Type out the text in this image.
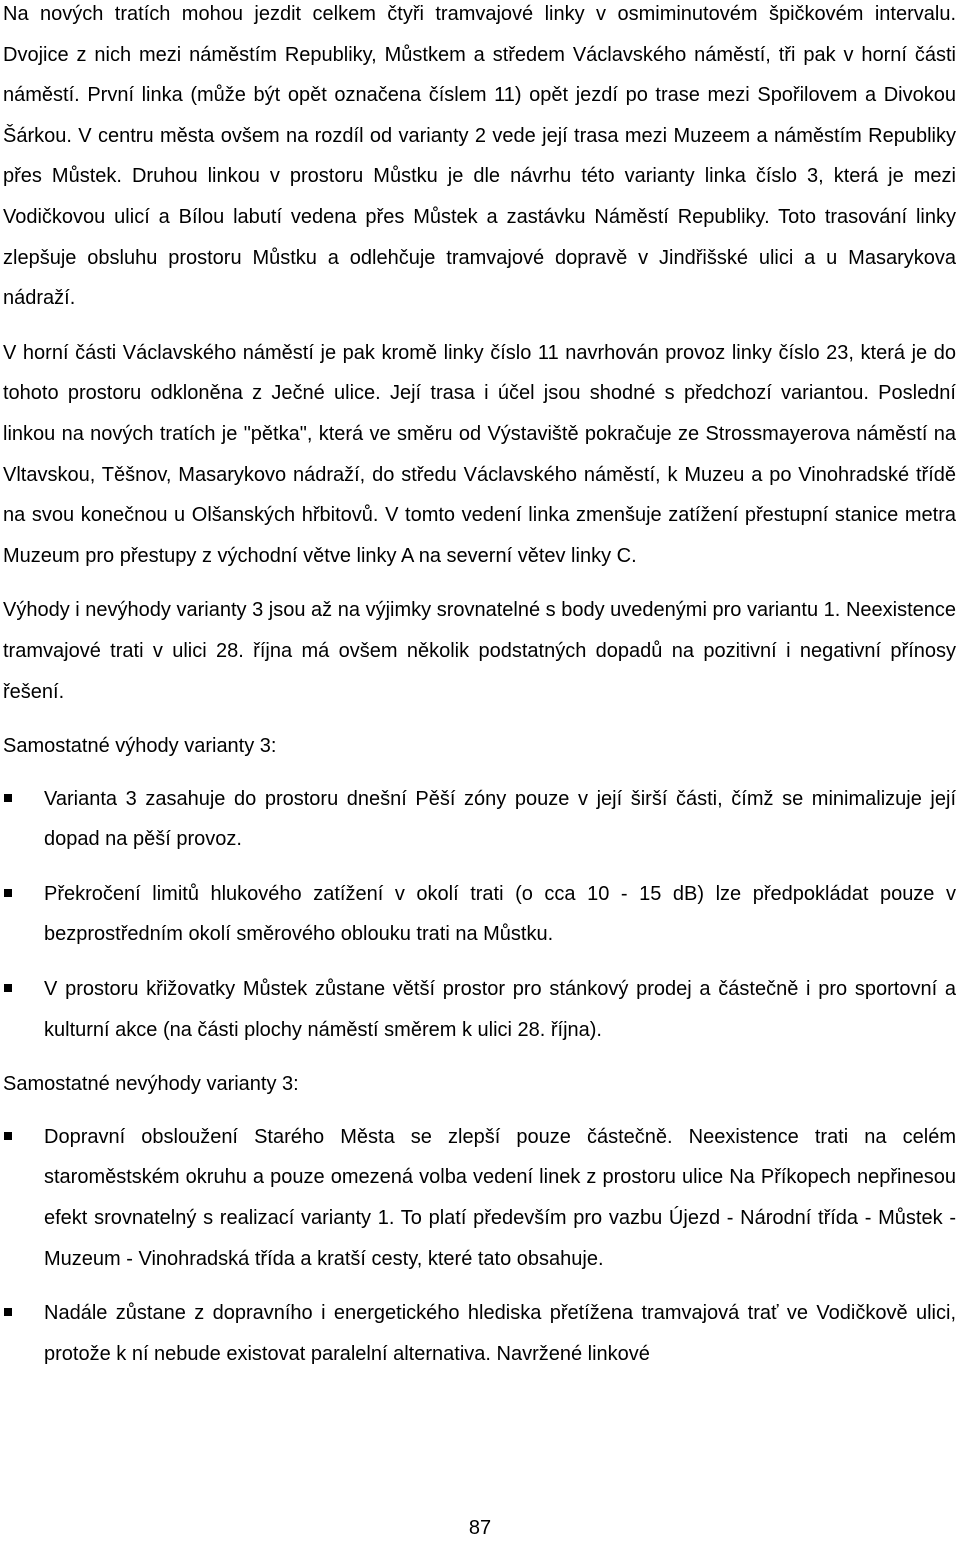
Na nových tratích mohou jezdit celkem čtyři tramvajové linky v osmiminutovém špičkovém intervalu. Dvojice z nich mezi náměstím Republiky, Můstkem a středem Václavského náměstí, tři pak v horní části náměstí. První linka (může být opět označena číslem 11) opět jezdí po trase mezi Spořilovem a Divokou Šárkou. V centru města ovšem na rozdíl od varianty 2 vede její trasa mezi Muzeem a náměstím Republiky přes Můstek. Druhou linkou v prostoru Můstku je dle návrhu této varianty linka číslo 3, která je mezi Vodičkovou ulicí a Bílou labutí vedena přes Můstek a zastávku Náměstí Republiky. Toto trasování linky zlepšuje obsluhu prostoru Můstku a odlehčuje tramvajové dopravě v Jindřišské ulici a u Masarykova nádraží.

V horní části Václavského náměstí je pak kromě linky číslo 11 navrhován provoz linky číslo 23, která je do tohoto prostoru odkloněna z Ječné ulice. Její trasa i účel jsou shodné s předchozí variantou. Poslední linkou na nových tratích je "pětka", která ve směru od Výstaviště pokračuje ze Strossmayerova náměstí na Vltavskou, Těšnov, Masarykovo nádraží, do středu Václavského náměstí, k Muzeu a po Vinohradské třídě na svou konečnou u Olšanských hřbitovů. V tomto vedení linka zmenšuje zatížení přestupní stanice metra Muzeum pro přestupy z východní větve linky A na severní větev linky C.

Výhody i nevýhody varianty 3 jsou až na výjimky srovnatelné s body uvedenými pro variantu 1. Neexistence tramvajové trati v ulici 28. října má ovšem několik podstatných dopadů na pozitivní i negativní přínosy řešení.

Samostatné výhody varianty 3:

Varianta 3 zasahuje do prostoru dnešní Pěší zóny pouze v její širší části, čímž se minimalizuje její dopad na pěší provoz.
Překročení limitů hlukového zatížení v okolí trati (o cca 10 - 15 dB) lze předpokládat pouze v bezprostředním okolí směrového oblouku trati na Můstku.
V prostoru křižovatky Můstek zůstane větší prostor pro stánkový prodej a částečně i pro sportovní a kulturní akce (na části plochy náměstí směrem k ulici 28. října).

Samostatné nevýhody varianty 3:

Dopravní obsloužení Starého Města se zlepší pouze částečně. Neexistence trati na celém staroměstském okruhu a pouze omezená volba vedení linek z prostoru ulice Na Příkopech nepřinesou efekt srovnatelný s realizací varianty 1. To platí především pro vazbu Újezd - Národní třída - Můstek - Muzeum - Vinohradská třída a kratší cesty, které tato obsahuje.
Nadále zůstane z dopravního i energetického hlediska přetížena tramvajová trať ve Vodičkově ulici, protože k ní nebude existovat paralelní alternativa. Navržené linkové
87
